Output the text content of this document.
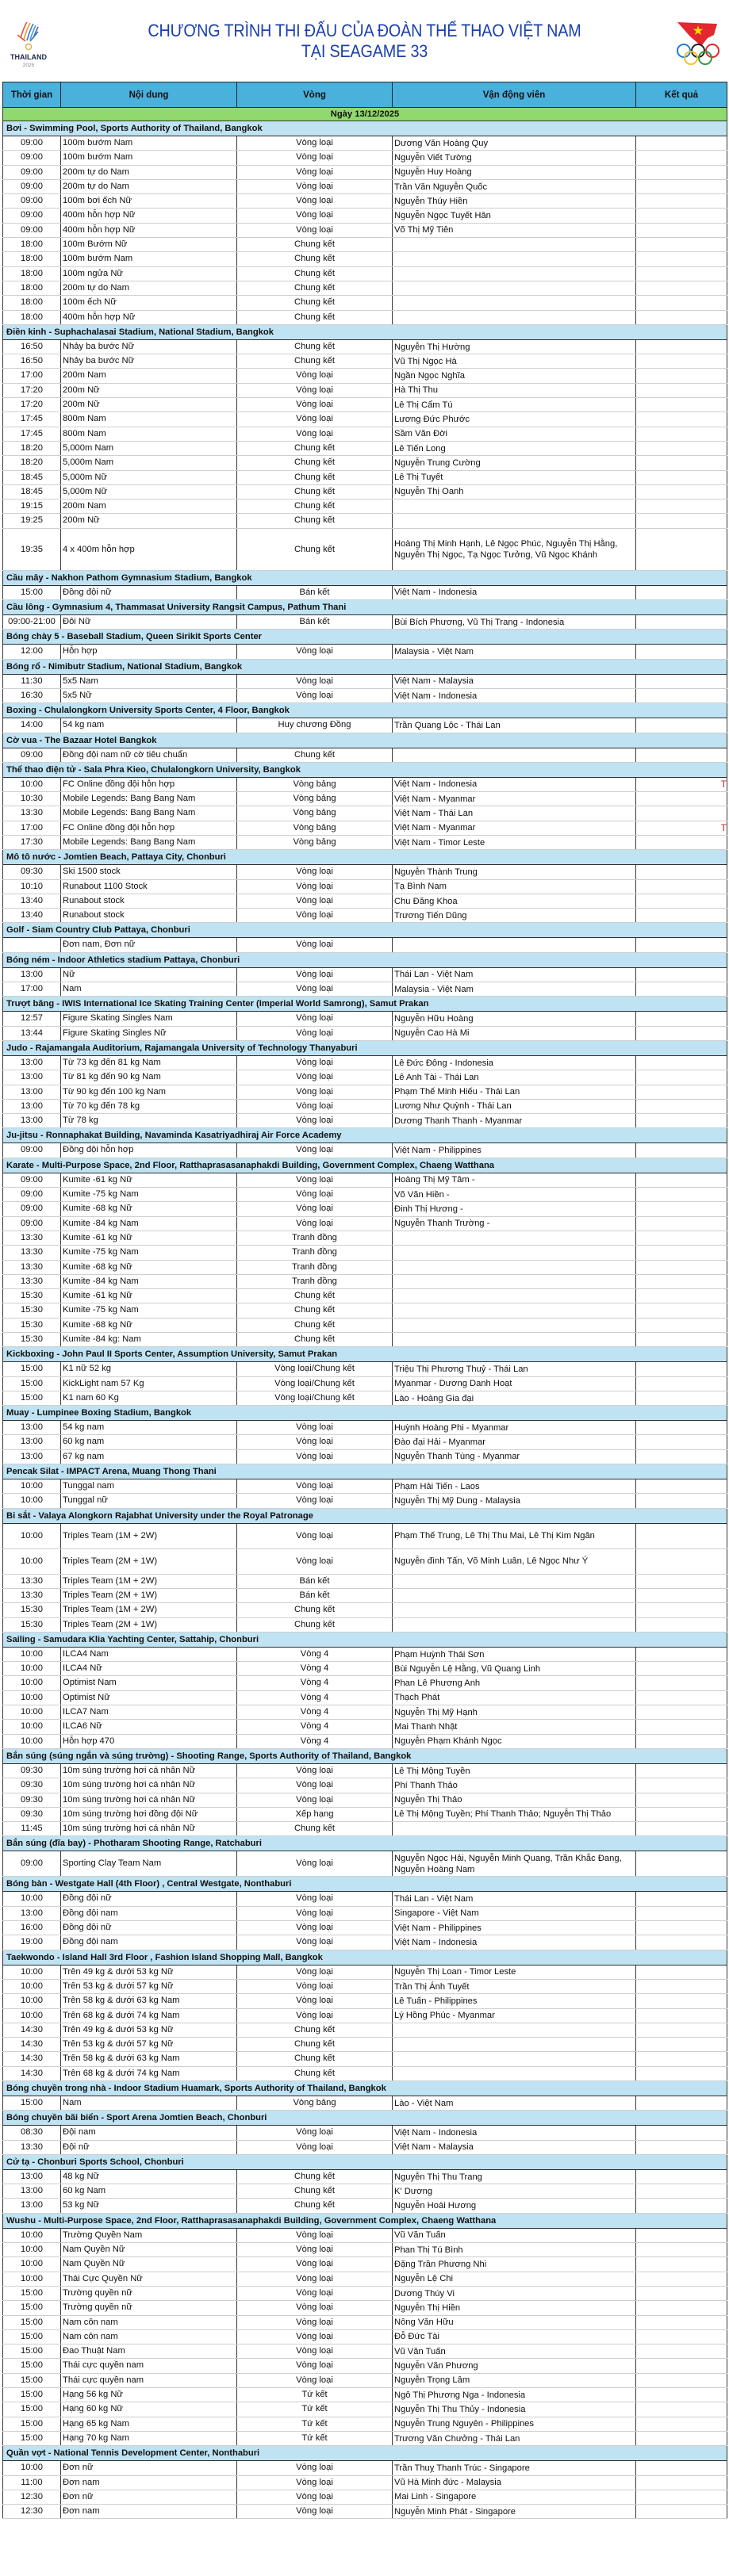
THAILAND
2025
CHƯƠNG TRÌNH THI ĐẤU CỦA ĐOÀN THỂ THAO VIỆT NAM
TẠI SEAGAME 33
Thời gian	Nội dung	Vòng	Vận động viên	Kết quả
Ngày 13/12/2025				
Bơi - Swimming Pool, Sports Authority of Thailand, Bangkok				
09:00	100m bướm Nam	Vòng loại	Dương Văn Hoàng Quy	

09:00	100m bướm Nam	Vòng loại	Nguyễn Viết Tường	

09:00	200m tự do Nam	Vòng loại	Nguyễn Huy Hoàng	

09:00	200m tự do Nam	Vòng loại	Trần Văn Nguyễn Quốc	

09:00	100m bơi ếch Nữ	Vòng loại	Nguyễn Thúy Hiền	

09:00	400m hỗn hợp Nữ	Vòng loại	Nguyễn Ngọc Tuyết Hân	

09:00	400m hỗn hợp Nữ	Vòng loại	Võ Thị Mỹ Tiên	

18:00	100m Bướm Nữ	Chung kết		

18:00	100m bướm Nam	Chung kết		

18:00	100m ngửa Nữ	Chung kết		

18:00	200m tự do Nam	Chung kết		

18:00	100m ếch Nữ	Chung kết		

18:00	400m hỗn hợp Nữ	Chung kết		

Điền kinh - Suphachalasai Stadium, National Stadium, Bangkok				
16:50	Nhảy ba bước Nữ	Chung kết	Nguyễn Thị Hường	

16:50	Nhảy ba bước Nữ	Chung kết	Vũ Thị Ngọc Hà	

17:00	200m Nam	Vòng loại	Ngần Ngọc Nghĩa	

17:20	200m Nữ	Vòng loại	Hà Thị Thu	

17:20	200m Nữ	Vòng loại	Lê Thị Cẩm Tú	

17:45	800m Nam	Vòng loại	Lương Đức Phước	

17:45	800m Nam	Vòng loại	Sầm Văn Đời	

18:20	5,000m Nam	Chung kết	Lê Tiến Long	

18:20	5,000m Nam	Chung kết	Nguyễn Trung Cường	

18:45	5,000m Nữ	Chung kết	Lê Thị Tuyết	

18:45	5,000m Nữ	Chung kết	Nguyễn Thị Oanh	

19:15	200m Nam	Chung kết		

19:25	200m Nữ	Chung kết		

19:35	4 x 400m hỗn hợp	Chung kết	Hoàng Thị Minh Hạnh, Lê Ngọc Phúc, Nguyễn Thị Hằng, Nguyễn Thị Ngọc, Tạ Ngọc Tưởng, Vũ Ngọc Khánh	

Cầu mây - Nakhon Pathom Gymnasium Stadium, Bangkok				
15:00	Đồng đội nữ	Bán kết	Việt Nam - Indonesia	

Cầu lông - Gymnasium 4, Thammasat University Rangsit Campus, Pathum Thani				
09:00-21:00	Đôi Nữ	Bán kết	Bùi Bích Phương, Vũ Thị Trang - Indonesia	

Bóng chày 5 - Baseball Stadium, Queen Sirikit Sports Center				
12:00	Hỗn hợp	Vòng loại	Malaysia - Việt Nam	

Bóng rổ - Nimibutr Stadium, National Stadium, Bangkok				
11:30	5x5 Nam	Vòng loại	Việt Nam - Malaysia	

16:30	5x5 Nữ	Vòng loại	Việt Nam - Indonesia	

Boxing - Chulalongkorn University Sports Center, 4 Floor, Bangkok				
14:00	54 kg nam	Huy chương Đồng	Trần Quang Lộc - Thái Lan	

Cờ vua - The Bazaar Hotel Bangkok				
09:00	Đồng đội nam nữ cờ tiêu chuẩn	Chung kết		

Thể thao điện tử - Sala Phra Kieo, Chulalongkorn University, Bangkok				
10:00	FC Online đồng đội hỗn hợp	Vòng bảng	Việt Nam - Indonesia	T

10:30	Mobile Legends: Bang Bang Nam	Vòng bảng	Việt Nam - Myanmar	

13:30	Mobile Legends: Bang Bang Nam	Vòng bảng	Việt Nam - Thái Lan	

17:00	FC Online đồng đội hỗn hợp	Vòng bảng	Việt Nam - Myanmar	T

17:30	Mobile Legends: Bang Bang Nam	Vòng bảng	Việt Nam - Timor Leste	

Mô tô nước - Jomtien Beach, Pattaya City, Chonburi				
09:30	Ski 1500 stock	Vòng loại	Nguyễn Thành Trung	

10:10	Runabout 1100 Stock	Vòng loại	Tạ Bình Nam	

13:40	Runabout stock	Vòng loại	Chu Đăng Khoa	

13:40	Runabout stock	Vòng loại	Trương Tiến Dũng	

Golf - Siam Country Club Pattaya, Chonburi				
	Đơn nam, Đơn nữ	Vòng loại		

Bóng ném - Indoor Athletics stadium Pattaya, Chonburi				
13:00	Nữ	Vòng loại	Thái Lan - Việt Nam	

17:00	Nam	Vòng loại	Malaysia - Việt Nam	

Trượt băng - IWIS International Ice Skating Training Center (Imperial World Samrong), Samut Prakan				
12:57	Figure Skating Singles Nam	Vòng loại	Nguyễn Hữu Hoàng	

13:44	Figure Skating Singles Nữ	Vòng loại	Nguyễn Cao Hà Mi	

Judo - Rajamangala Auditorium, Rajamangala University of Technology Thanyaburi				
13:00	Từ 73 kg đến 81 kg Nam	Vòng loại	Lê Đức Đông - Indonesia	

13:00	Từ 81 kg đến 90 kg Nam	Vòng loại	Lê Anh Tài - Thái Lan	

13:00	Từ 90 kg đến 100 kg Nam	Vòng loại	Phạm Thế Minh Hiếu - Thái Lan	

13:00	Từ 70 kg đến 78 kg	Vòng loại	Lương Như Quỳnh - Thái Lan	

13:00	Từ 78 kg	Vòng loại	Dương Thanh Thanh - Myanmar	

Ju-jitsu - Ronnaphakat Building, Navaminda Kasatriyadhiraj Air Force Academy				
09:00	Đồng đội hỗn hợp	Vòng loại	Việt Nam - Philippines	

Karate - Multi-Purpose Space, 2nd Floor, Ratthaprasasanaphakdi Building, Government Complex, Chaeng Watthana				
09:00	Kumite -61 kg Nữ	Vòng loại	Hoàng Thị Mỹ Tâm -	

09:00	Kumite -75 kg Nam	Vòng loại	Võ Văn Hiền -	

09:00	Kumite -68 kg Nữ	Vòng loại	Đinh Thị Hương -	

09:00	Kumite -84 kg Nam	Vòng loại	Nguyễn Thanh Trường -	

13:30	Kumite -61 kg Nữ	Tranh đồng		

13:30	Kumite -75 kg Nam	Tranh đồng		

13:30	Kumite -68 kg Nữ	Tranh đồng		

13:30	Kumite -84 kg Nam	Tranh đồng		

15:30	Kumite -61 kg Nữ	Chung kết		

15:30	Kumite -75 kg Nam	Chung kết		

15:30	Kumite -68 kg Nữ	Chung kết		

15:30	Kumite -84 kg: Nam	Chung kết		

Kickboxing - John Paul II Sports Center, Assumption University, Samut Prakan				
15:00	K1 nữ 52 kg	Vòng loại/Chung kết	Triệu Thị Phương Thuỷ - Thái Lan	

15:00	KickLight nam 57 Kg	Vòng loại/Chung kết	Myanmar - Dương Danh Hoạt	

15:00	K1 nam 60 Kg	Vòng loại/Chung kết	Lào - Hoàng Gia đại	

Muay - Lumpinee Boxing Stadium, Bangkok				
13:00	54 kg nam	Vòng loại	Huỳnh Hoàng Phi - Myanmar	

13:00	60 kg nam	Vòng loại	Đào đại Hải - Myanmar	

13:00	67 kg nam	Vòng loại	Nguyễn Thanh Tùng - Myanmar	

Pencak Silat - IMPACT Arena, Muang Thong Thani				
10:00	Tunggal nam	Vòng loại	Phạm Hải Tiến - Laos	

10:00	Tunggal nữ	Vòng loại	Nguyễn Thị Mỹ Dung - Malaysia	

Bi sắt - Valaya Alongkorn Rajabhat University under the Royal Patronage				
10:00	Triples Team (1M + 2W)	Vòng loại	Phạm Thế Trung, Lê Thị Thu Mai, Lê Thị Kim Ngân	

10:00	Triples Team (2M + 1W)	Vòng loại	Nguyễn đình Tấn, Võ Minh Luân, Lê Ngọc Như Ý	

13:30	Triples Team (1M + 2W)	Bán kết		

13:30	Triples Team (2M + 1W)	Bán kết		

15:30	Triples Team (1M + 2W)	Chung kết		

15:30	Triples Team (2M + 1W)	Chung kết		

Sailing - Samudara Klia Yachting Center, Sattahip, Chonburi				
10:00	ILCA4 Nam	Vòng 4	Phạm Huỳnh Thái Sơn	

10:00	ILCA4 Nữ	Vòng 4	Bùi Nguyễn Lệ Hằng, Vũ Quang Linh	

10:00	Optimist Nam	Vòng 4	Phan Lê Phương Anh	

10:00	Optimist Nữ	Vòng 4	Thạch Phát	

10:00	ILCA7 Nam	Vòng 4	Nguyễn Thị Mỹ Hạnh	

10:00	ILCA6 Nữ	Vòng 4	Mai Thanh Nhật	

10:00	Hỗn hợp 470	Vòng 4	Nguyễn Phạm Khánh Ngọc	

Bắn súng (súng ngắn và súng trường) - Shooting Range, Sports Authority of Thailand, Bangkok				
09:30	10m súng trường hơi cá nhân Nữ	Vòng loại	Lê Thị Mộng Tuyền	

09:30	10m súng trường hơi cá nhân Nữ	Vòng loại	Phí Thanh Thảo	

09:30	10m súng trường hơi cá nhân Nữ	Vòng loại	Nguyễn Thị Thảo	

09:30	10m súng trường hơi đồng đội Nữ	Xếp hạng	Lê Thị Mộng Tuyền; Phí Thanh Thảo; Nguyễn Thị Thảo	

11:45	10m súng trường hơi cá nhân Nữ	Chung kết		

Bắn súng (đĩa bay) - Photharam Shooting Range, Ratchaburi				
09:00	Sporting Clay Team Nam	Vòng loại	Nguyễn Ngọc Hải, Nguyễn Minh Quang, Trần Khắc Đang, Nguyễn Hoàng Nam	

Bóng bàn - Westgate Hall (4th Floor) , Central Westgate, Nonthaburi				
10:00	Đồng đội nữ	Vòng loại	Thái Lan - Việt Nam	

13:00	Đồng đội nam	Vòng loại	Singapore - Việt Nam	

16:00	Đồng đội nữ	Vòng loại	Việt Nam - Philippines	

19:00	Đồng đội nam	Vòng loại	Việt Nam - Indonesia	

Taekwondo - Island Hall 3rd Floor , Fashion Island Shopping Mall, Bangkok				
10:00	Trên 49 kg & dưới 53 kg Nữ	Vòng loại	Nguyễn Thị Loan - Timor Leste	

10:00	Trên 53 kg & dưới 57 kg Nữ	Vòng loại	Trần Thị Ánh Tuyết	

10:00	Trên 58 kg & dưới 63 kg Nam	Vòng loại	Lê Tuấn - Philippines	

10:00	Trên 68 kg & dưới 74 kg Nam	Vòng loại	Lý Hồng Phúc - Myanmar	

14:30	Trên 49 kg & dưới 53 kg Nữ	Chung kết		

14:30	Trên 53 kg & dưới 57 kg Nữ	Chung kết		

14:30	Trên 58 kg & dưới 63 kg Nam	Chung kết		

14:30	Trên 68 kg & dưới 74 kg Nam	Chung kết		

Bóng chuyền trong nhà - Indoor Stadium Huamark, Sports Authority of Thailand, Bangkok				
15:00	Nam	Vòng bảng	Lào - Việt Nam	

Bóng chuyền bãi biển - Sport Arena Jomtien Beach, Chonburi				
08:30	Đội nam	Vòng loại	Việt Nam - Indonesia	

13:30	Đội nữ	Vòng loại	Việt Nam - Malaysia	

Cử tạ - Chonburi Sports School, Chonburi				
13:00	48 kg Nữ	Chung kết	Nguyễn Thị Thu Trang	

13:00	60 kg Nam	Chung kết	K' Dương	

13:00	53 kg Nữ	Chung kết	Nguyễn Hoài Hương	

Wushu - Multi-Purpose Space, 2nd Floor, Ratthaprasasanaphakdi Building, Government Complex, Chaeng Watthana				
10:00	Trường Quyền Nam	Vòng loại	Vũ Văn Tuấn	

10:00	Nam Quyền Nữ	Vòng loại	Phan Thị Tú Bình	

10:00	Nam Quyền Nữ	Vòng loại	Đặng Trần Phương Nhi	

10:00	Thái Cực Quyền Nữ	Vòng loại	Nguyễn Lệ Chi	

15:00	Trường quyền nữ	Vòng loại	Dương Thúy Vi	

15:00	Trường quyền nữ	Vòng loại	Nguyễn Thị Hiền	

15:00	Nam côn nam	Vòng loại	Nông Văn Hữu	

15:00	Nam côn nam	Vòng loại	Đỗ Đức Tài	

15:00	Đao Thuật Nam	Vòng loại	Vũ Văn Tuấn	

15:00	Thái cực quyền nam	Vòng loại	Nguyễn Văn Phương	

15:00	Thái cực quyền nam	Vòng loại	Nguyễn Trọng Lâm	

15:00	Hạng 56 kg Nữ	Tứ kết	Ngô Thị Phương Nga - Indonesia	

15:00	Hạng 60 kg Nữ	Tứ kết	Nguyễn Thị Thu Thủy - Indonesia	

15:00	Hạng 65 kg Nam	Tứ kết	Nguyễn Trung Nguyên - Philippines	

15:00	Hạng 70 kg Nam	Tứ kết	Trương Văn Chưởng - Thái Lan	

Quần vợt - National Tennis Development Center, Nonthaburi				
10:00	Đơn nữ	Vòng loại	Trần Thuỵ Thanh Trúc - Singapore	

11:00	Đơn nam	Vòng loại	Vũ Hà Minh đức - Malaysia	

12:30	Đơn nữ	Vòng loại	Mai Linh - Singapore	

12:30	Đơn nam	Vòng loại	Nguyễn Minh Phát - Singapore	
